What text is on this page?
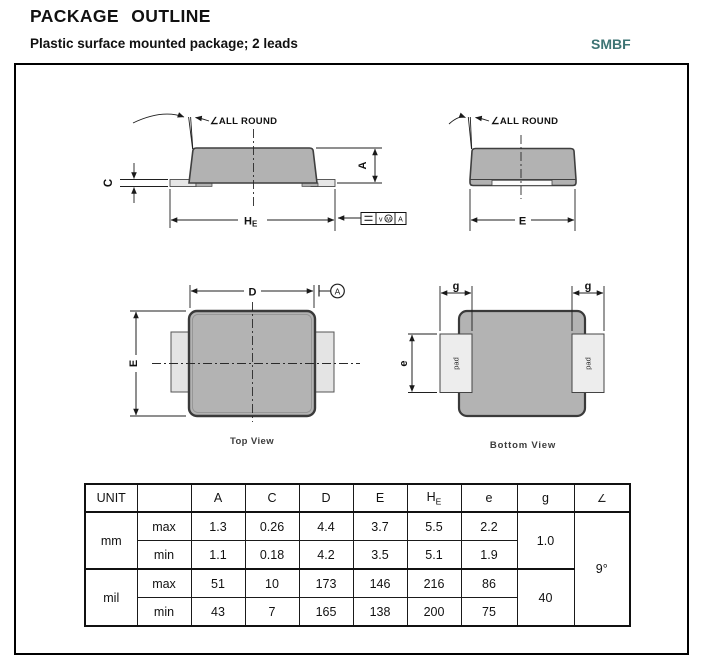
PACKAGE OUTLINE
Plastic surface mounted package; 2 leads	SMBF
∠ALL ROUND
A
C
HE	v M A
∠ALL ROUND
E
D	A
E
Top View
pad	pad
g	g
e
Bottom View
UNIT		A	C	D	E	$H_E$	e	g	∠
mm	max	1.3	0.26	4.4	3.7	5.5	2.2	1.0	9°
	min	1.1	0.18	4.2	3.5	5.1	1.9		
mil	max	51	10	173	146	216	86	40	
	min	43	7	165	138	200	75		
